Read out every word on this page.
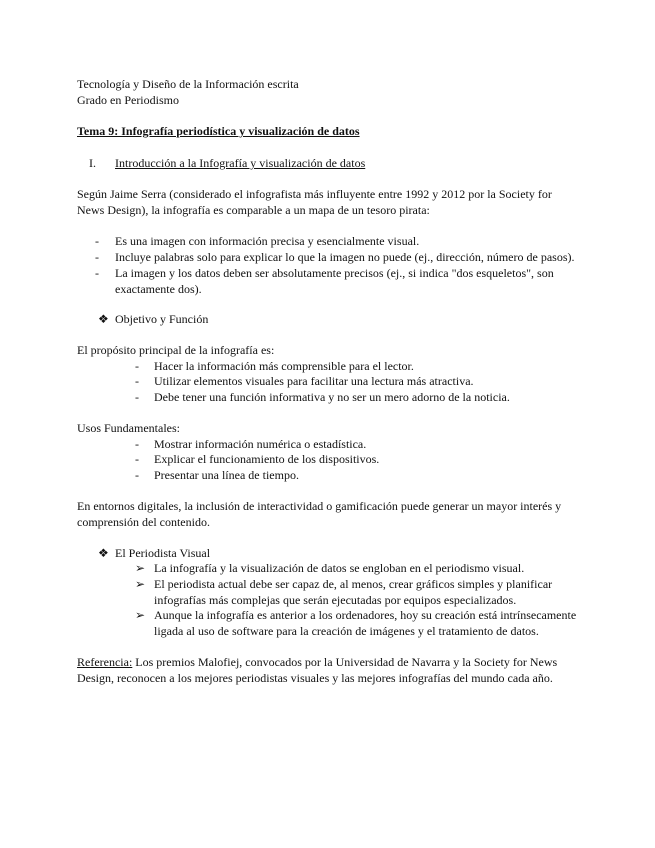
Tecnología y Diseño de la Información escrita
Grado en Periodismo
Tema 9: Infografía periodística y visualización de datos
I. Introducción a la Infografía y visualización de datos
Según Jaime Serra (considerado el infografista más influyente entre 1992 y 2012 por la Society for News Design), la infografía es comparable a un mapa de un tesoro pirata:
- Es una imagen con información precisa y esencialmente visual.
- Incluye palabras solo para explicar lo que la imagen no puede (ej., dirección, número de pasos).
- La imagen y los datos deben ser absolutamente precisos (ej., si indica "dos esqueletos", son exactamente dos).
❖ Objetivo y Función
El propósito principal de la infografía es:
- Hacer la información más comprensible para el lector.
- Utilizar elementos visuales para facilitar una lectura más atractiva.
- Debe tener una función informativa y no ser un mero adorno de la noticia.
Usos Fundamentales:
- Mostrar información numérica o estadística.
- Explicar el funcionamiento de los dispositivos.
- Presentar una línea de tiempo.
En entornos digitales, la inclusión de interactividad o gamificación puede generar un mayor interés y comprensión del contenido.
❖ El Periodista Visual
➢ La infografía y la visualización de datos se engloban en el periodismo visual.
➢ El periodista actual debe ser capaz de, al menos, crear gráficos simples y planificar infografías más complejas que serán ejecutadas por equipos especializados.
➢ Aunque la infografía es anterior a los ordenadores, hoy su creación está intrínsecamente ligada al uso de software para la creación de imágenes y el tratamiento de datos.
Referencia: Los premios Malofiej, convocados por la Universidad de Navarra y la Society for News Design, reconocen a los mejores periodistas visuales y las mejores infografías del mundo cada año.
